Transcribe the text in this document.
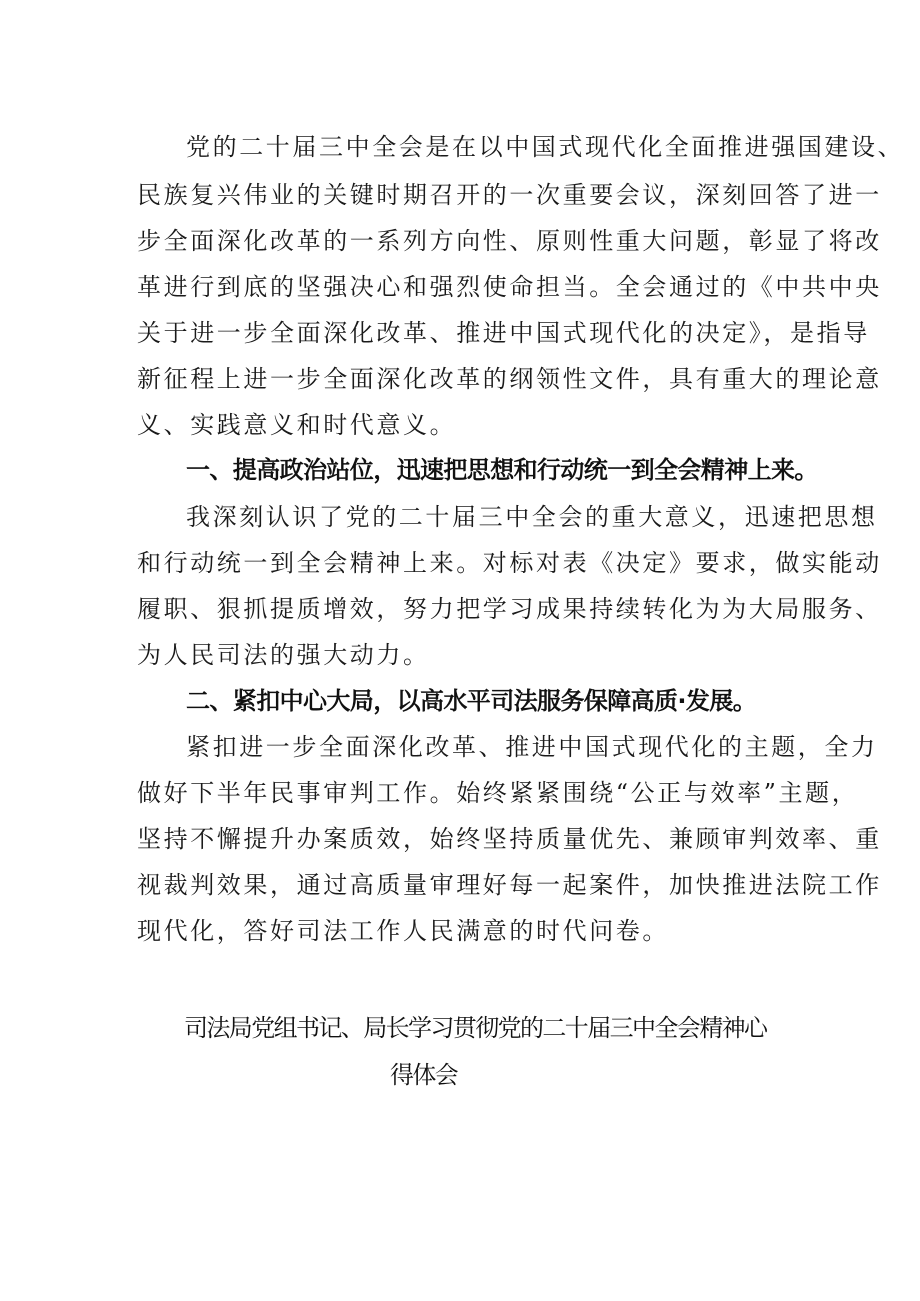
党的二十届三中全会是在以中国式现代化全面推进强国建设、

民族复兴伟业的关键时期召开的一次重要会议，深刻回答了进一

步全面深化改革的一系列方向性、原则性重大问题，彰显了将改

革进行到底的坚强决心和强烈使命担当。全会通过的《中共中央

关于进一步全面深化改革、推进中国式现代化的决定》，是指导

新征程上进一步全面深化改革的纲领性文件，具有重大的理论意

义、实践意义和时代意义。

一、提高政治站位，迅速把思想和行动统一到全会精神上来。

我深刻认识了党的二十届三中全会的重大意义，迅速把思想

和行动统一到全会精神上来。对标对表《决定》要求，做实能动

履职、狠抓提质增效，努力把学习成果持续转化为为大局服务、

为人民司法的强大动力。

二、紧扣中心大局，以高水平司法服务保障高质·发展。

紧扣进一步全面深化改革、推进中国式现代化的主题，全力

做好下半年民事审判工作。始终紧紧围绕“公正与效率”主题，

坚持不懈提升办案质效，始终坚持质量优先、兼顾审判效率、重

视裁判效果，通过高质量审理好每一起案件，加快推进法院工作

现代化，答好司法工作人民满意的时代问卷。

司法局党组书记、局长学习贯彻党的二十届三中全会精神心

得体会
